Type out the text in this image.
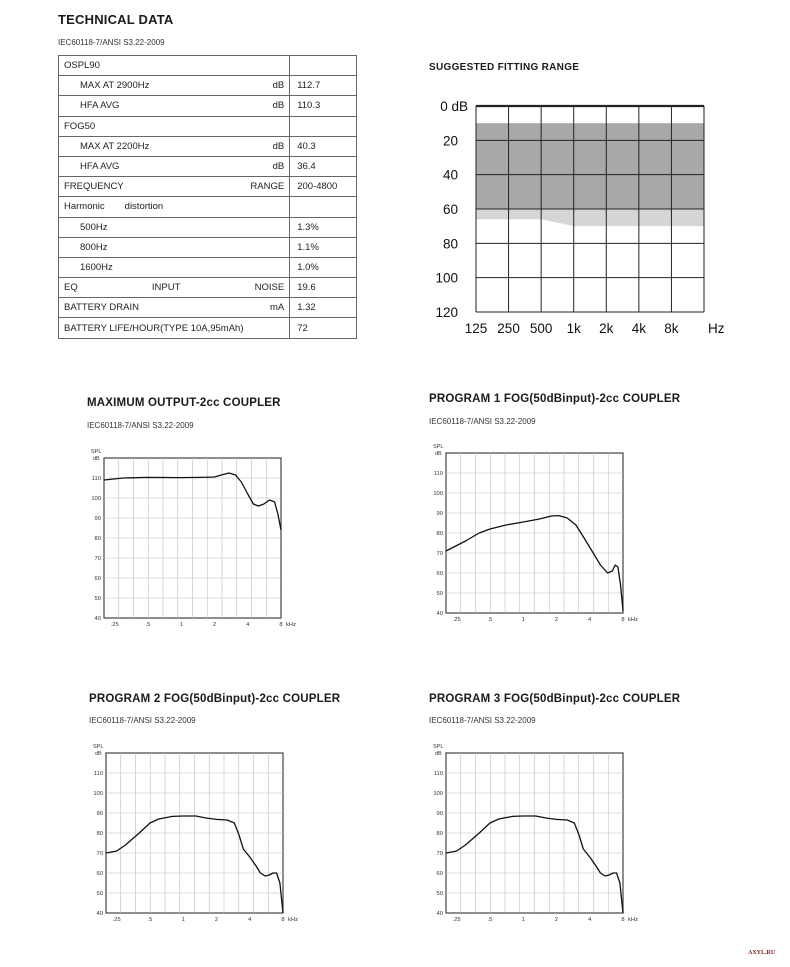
TECHNICAL DATA
IEC60118-7/ANSI S3.22-2009
OSPL90	

MAX AT 2900Hz dB	112.7

HFA AVG dB	110.3

FOG50	

MAX AT 2200Hz dB	40.3

HFA AVG dB	36.4

FREQUENCY RANGE	200-4800

Harmonic distortion	

500Hz	1.3%

800Hz	1.1%

1600Hz	1.0%

EQ INPUT NOISE	19.6

BATTERY DRAIN mA	1.32

BATTERY LIFE/HOUR(TYPE 10A,95mAh)	72
SUGGESTED FITTING RANGE
0 dB
20
40
60
80
100
120
125 250 500 1k 2k 4k 8k Hz
MAXIMUM OUTPUT-2cc COUPLER
IEC60118-7/ANSI S3.22-2009
SPL
dB
40
50
60
70
80
90
100
110
.25	.5	1	2	4	8 kHz
PROGRAM 1 FOG(50dBinput)-2cc COUPLER
IEC60118-7/ANSI S3.22-2009
SPL
dB
40
50
60
70
80
90
100
110
.25	.5	1	2	4	8 kHz
PROGRAM 2 FOG(50dBinput)-2cc COUPLER
IEC60118-7/ANSI S3.22-2009
SPL
dB
40
50
60
70
80
90
100
110
.25	.5	1	2	4	8 kHz
PROGRAM 3 FOG(50dBinput)-2cc COUPLER
IEC60118-7/ANSI S3.22-2009
SPL
dB
40
50
60
70
80
90
100
110
.25	.5	1	2	4	8 kHz
AXYL.RU
